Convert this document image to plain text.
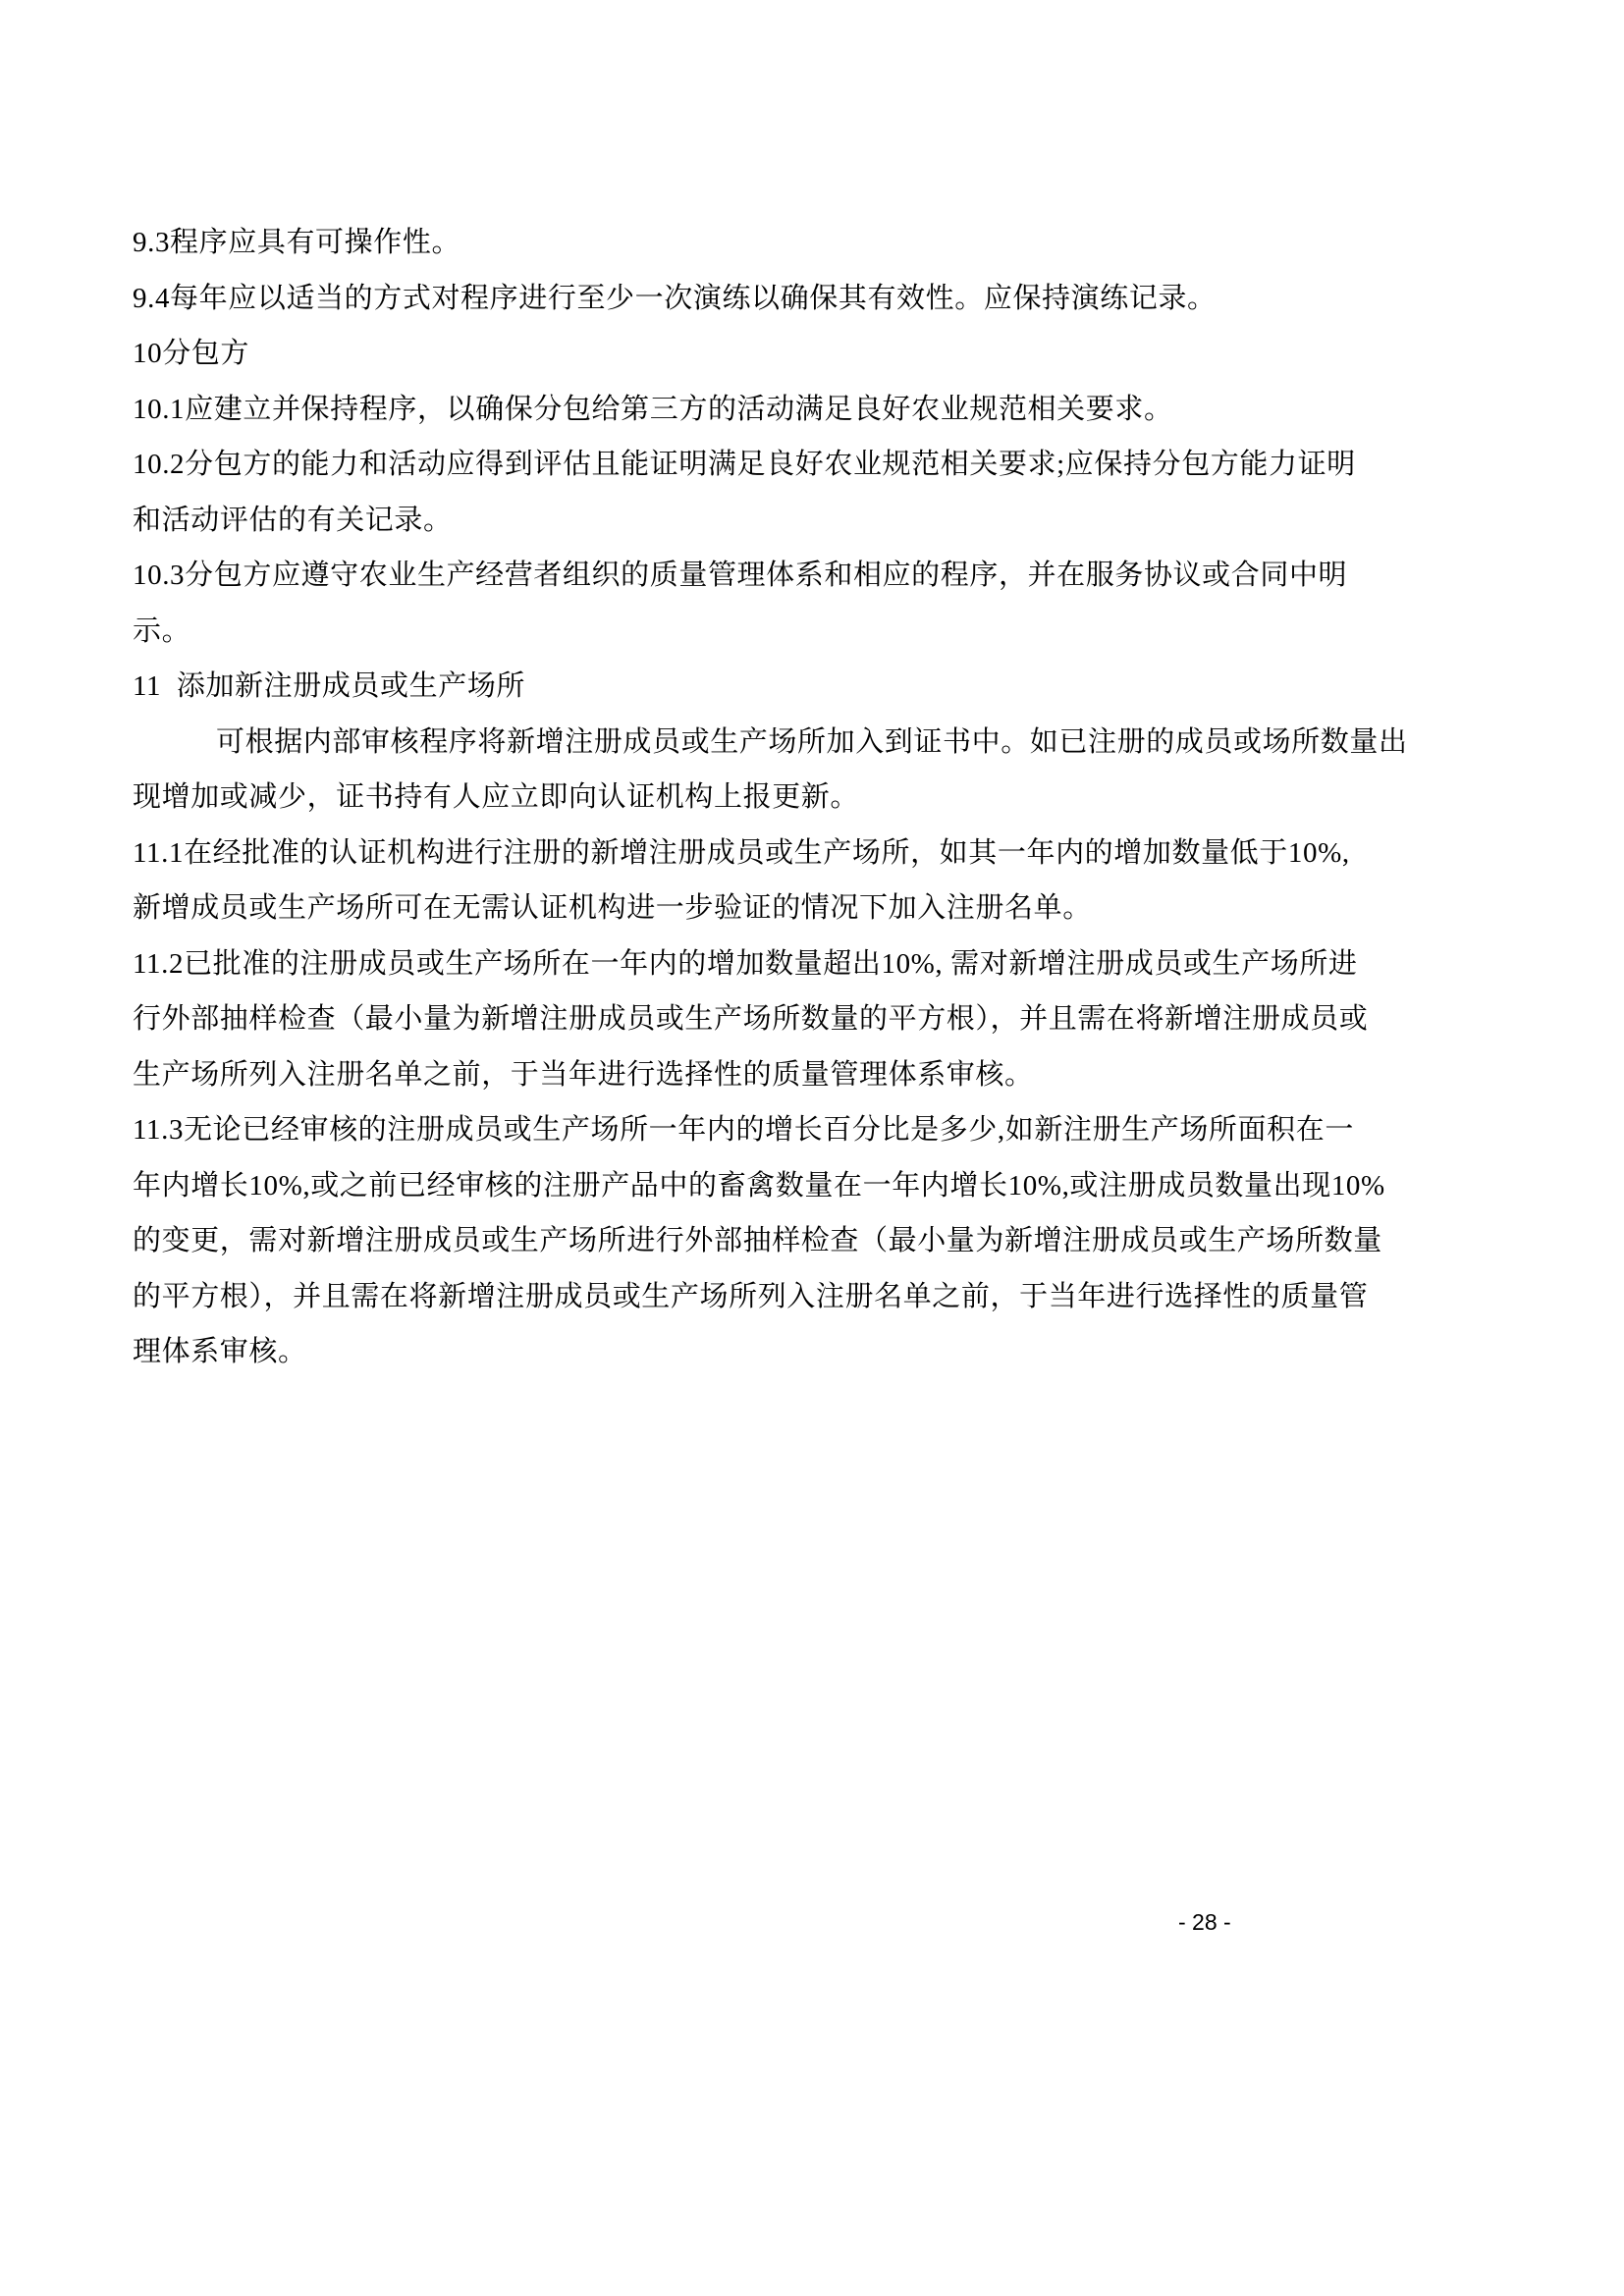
9.3程序应具有可操作性。
9.4每年应以适当的方式对程序进行至少一次演练以确保其有效性。应保持演练记录。
10分包方
10.1应建立并保持程序，以确保分包给第三方的活动满足良好农业规范相关要求。
10.2分包方的能力和活动应得到评估且能证明满足良好农业规范相关要求;应保持分包方能力证明
和活动评估的有关记录。
10.3分包方应遵守农业生产经营者组织的质量管理体系和相应的程序，并在服务协议或合同中明
示。
11  添加新注册成员或生产场所
可根据内部审核程序将新增注册成员或生产场所加入到证书中。如已注册的成员或场所数量出
现增加或减少，证书持有人应立即向认证机构上报更新。
11.1在经批准的认证机构进行注册的新增注册成员或生产场所，如其一年内的增加数量低于10%,
新增成员或生产场所可在无需认证机构进一步验证的情况下加入注册名单。
11.2已批准的注册成员或生产场所在一年内的增加数量超出10%, 需对新增注册成员或生产场所进
行外部抽样检查（最小量为新增注册成员或生产场所数量的平方根），并且需在将新增注册成员或
生产场所列入注册名单之前，于当年进行选择性的质量管理体系审核。
11.3无论已经审核的注册成员或生产场所一年内的增长百分比是多少,如新注册生产场所面积在一
年内增长10%,或之前已经审核的注册产品中的畜禽数量在一年内增长10%,或注册成员数量出现10%
的变更，需对新增注册成员或生产场所进行外部抽样检查（最小量为新增注册成员或生产场所数量
的平方根），并且需在将新增注册成员或生产场所列入注册名单之前，于当年进行选择性的质量管
理体系审核。
- 28 -
